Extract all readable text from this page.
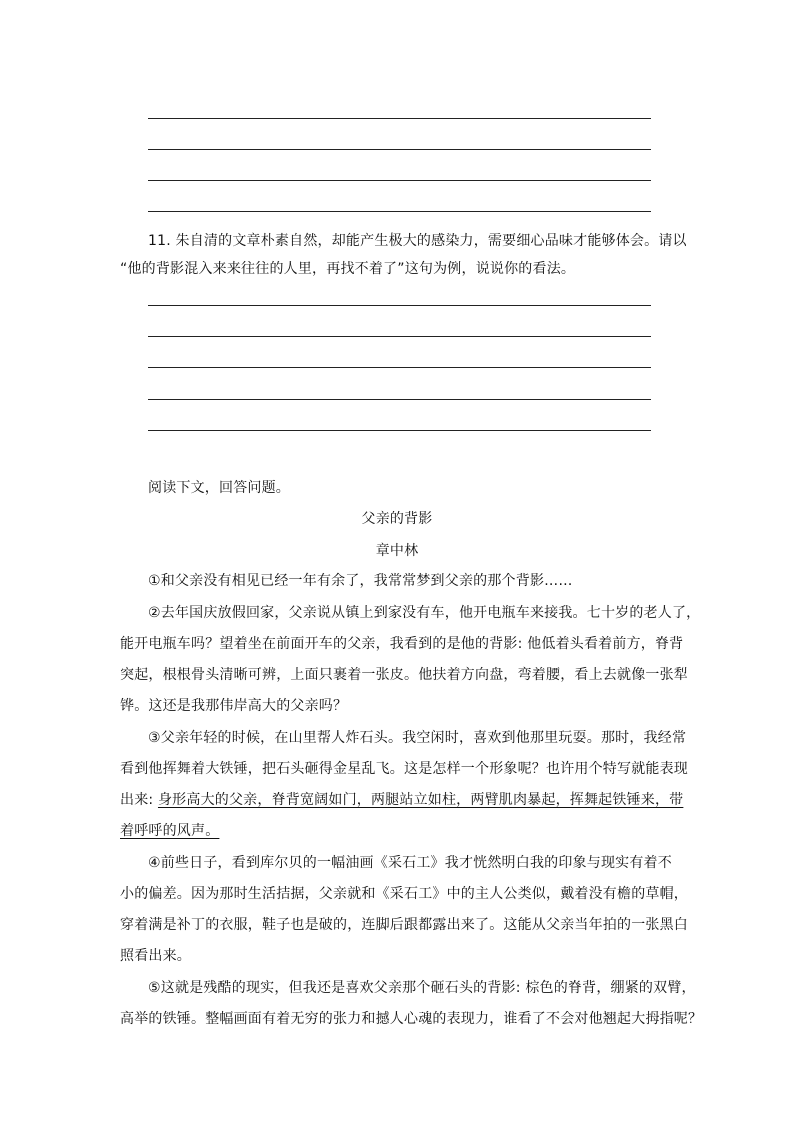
11. 朱自清的文章朴素自然，却能产生极大的感染力，需要细心品味才能够体会。请以
“他的背影混入来来往往的人里，再找不着了”这句为例，说说你的看法。
阅读下文，回答问题。
父亲的背影
章中林
①和父亲没有相见已经一年有余了，我常常梦到父亲的那个背影……
②去年国庆放假回家，父亲说从镇上到家没有车，他开电瓶车来接我。七十岁的老人了，
能开电瓶车吗？望着坐在前面开车的父亲，我看到的是他的背影: 他低着头看着前方，脊背
突起，根根骨头清晰可辨，上面只裹着一张皮。他扶着方向盘，弯着腰，看上去就像一张犁
铧。这还是我那伟岸高大的父亲吗？
③父亲年轻的时候，在山里帮人炸石头。我空闲时，喜欢到他那里玩耍。那时，我经常
看到他挥舞着大铁锤，把石头砸得金星乱飞。这是怎样一个形象呢？也许用个特写就能表现
出来: 身形高大的父亲，脊背宽阔如门，两腿站立如柱，两臂肌肉暴起，挥舞起铁锤来，带
着呼呼的风声。
④前些日子，看到库尔贝的一幅油画《采石工》我才恍然明白我的印象与现实有着不
小的偏差。因为那时生活拮据，父亲就和《采石工》中的主人公类似，戴着没有檐的草帽，
穿着满是补丁的衣服，鞋子也是破的，连脚后跟都露出来了。这能从父亲当年拍的一张黑白
照看出来。
⑤这就是残酷的现实，但我还是喜欢父亲那个砸石头的背影: 棕色的脊背，绷紧的双臂，
高举的铁锤。整幅画面有着无穷的张力和撼人心魂的表现力，谁看了不会对他翘起大拇指呢？
